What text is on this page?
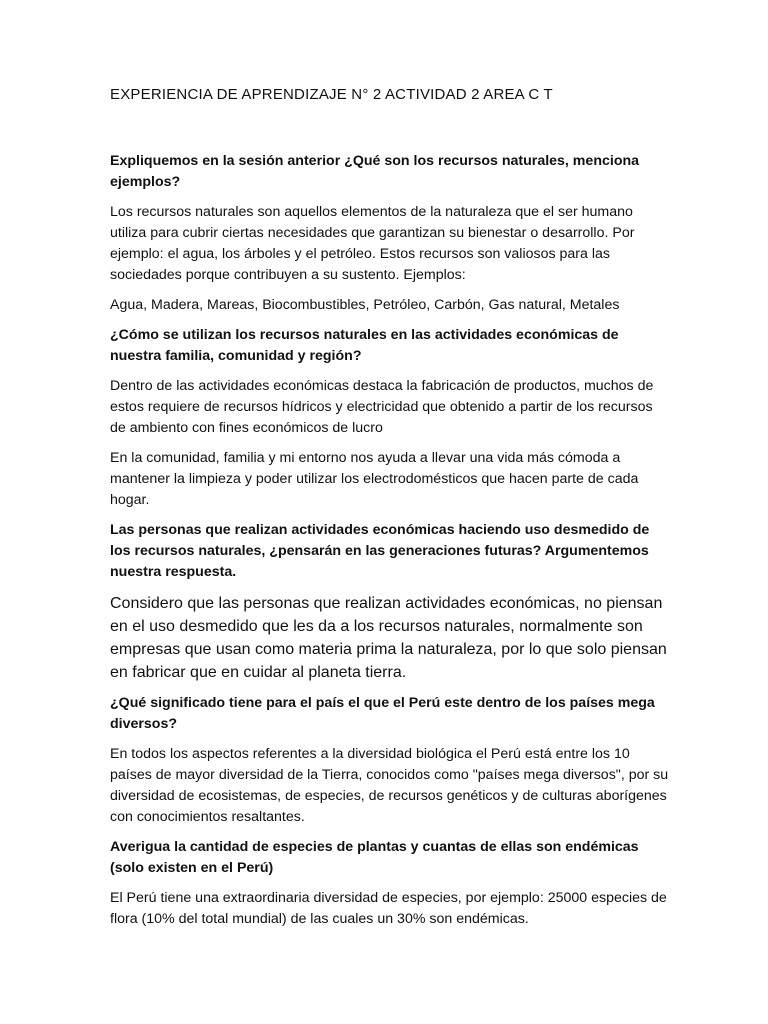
EXPERIENCIA DE APRENDIZAJE N° 2 ACTIVIDAD 2 AREA C T
Expliquemos en la sesión anterior ¿Qué son los recursos naturales, menciona ejemplos?
Los recursos naturales son aquellos elementos de la naturaleza que el ser humano utiliza para cubrir ciertas necesidades que garantizan su bienestar o desarrollo. Por ejemplo: el agua, los árboles y el petróleo. Estos recursos son valiosos para las sociedades porque contribuyen a su sustento. Ejemplos:
Agua, Madera, Mareas, Biocombustibles, Petróleo, Carbón, Gas natural, Metales
¿Cómo se utilizan los recursos naturales en las actividades económicas de nuestra familia, comunidad y región?
Dentro de las actividades económicas destaca la fabricación de productos, muchos de estos requiere de recursos hídricos y electricidad que obtenido a partir de los recursos de ambiento con fines económicos de lucro
En la comunidad, familia y mi entorno nos ayuda a llevar una vida más cómoda a mantener la limpieza y poder utilizar los electrodomésticos que hacen parte de cada hogar.
Las personas que realizan actividades económicas haciendo uso desmedido de los recursos naturales, ¿pensarán en las generaciones futuras? Argumentemos nuestra respuesta.
Considero que las personas que realizan actividades económicas, no piensan en el uso desmedido que les da a los recursos naturales, normalmente son empresas que usan como materia prima la naturaleza, por lo que solo piensan en fabricar que en cuidar al planeta tierra.
¿Qué significado tiene para el país el que el Perú este dentro de los países mega diversos?
En todos los aspectos referentes a la diversidad biológica el Perú está entre los 10 países de mayor diversidad de la Tierra, conocidos como "países mega diversos", por su diversidad de ecosistemas, de especies, de recursos genéticos y de culturas aborígenes con conocimientos resaltantes.
Averigua la cantidad de especies de plantas y cuantas de ellas son endémicas (solo existen en el Perú)
El Perú tiene una extraordinaria diversidad de especies, por ejemplo: 25000 especies de flora (10% del total mundial) de las cuales un 30% son endémicas.
